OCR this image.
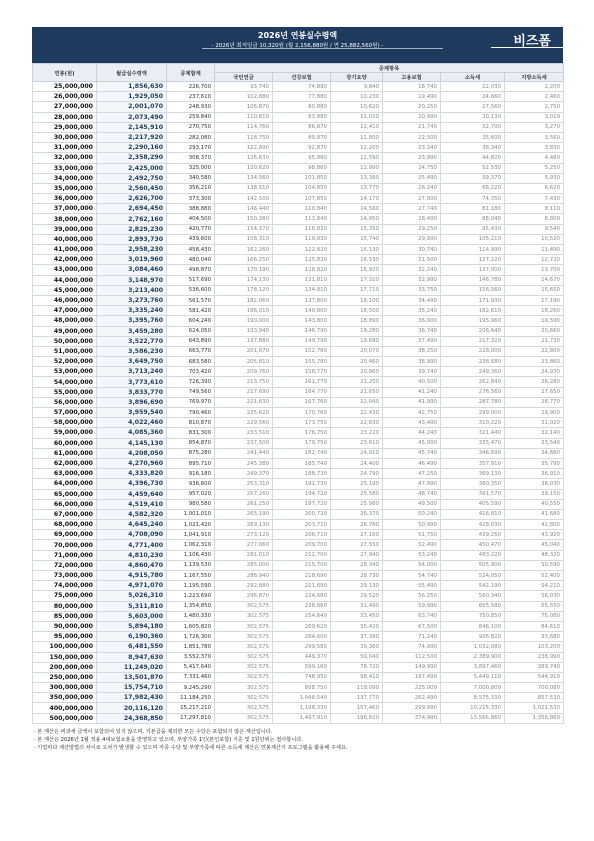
2026년 연봉실수령액
- 2026년 최저임금 10,320원 (월 2,156,880원 / 연 25,882,560원) -	비즈폼
연봉(원)	월급실수령액	공제합계	공제항목					
			국민연금	건강보험	장기요양	고용보험	소득세	지방소득세
25,000,000	1,856,630	226,700	93,740	74,890	9,840	18,740	22,030	2,200
26,000,000	1,929,050	237,610	102,880	77,880	10,230	19,490	24,660	2,460
27,000,000	2,001,070	248,930	106,870	80,880	10,620	20,250	27,560	2,750
28,000,000	2,073,490	259,840	110,810	83,880	11,020	20,990	30,130	3,010
29,000,000	2,145,910	270,750	114,760	86,870	11,410	21,740	32,700	3,270
30,000,000	2,217,920	282,080	118,750	89,870	11,800	22,500	35,600	3,560
31,000,000	2,290,160	293,170	122,690	92,870	12,200	23,240	38,340	3,830
32,000,000	2,358,290	308,370	126,630	95,860	12,590	23,990	44,820	4,480
33,000,000	2,425,000	325,000	130,620	98,860	12,990	24,750	52,530	5,250
34,000,000	2,492,750	340,580	134,560	101,850	13,380	25,490	59,370	5,930
35,000,000	2,560,450	356,210	138,510	104,850	13,770	26,240	66,220	6,620
36,000,000	2,626,700	373,300	142,500	107,850	14,170	27,000	74,350	7,430
37,000,000	2,694,450	388,880	146,440	110,840	14,560	27,740	81,180	8,110
38,000,000	2,762,160	404,500	150,380	113,840	14,950	28,490	88,040	8,800
39,000,000	2,829,230	420,770	154,370	116,830	15,350	29,250	95,430	9,540
40,000,000	2,893,730	439,600	158,310	119,830	15,740	29,990	105,210	10,520
41,000,000	2,958,230	458,430	162,260	122,820	16,130	30,740	114,990	11,490
42,000,000	3,019,960	480,040	166,250	125,820	16,530	31,500	127,220	12,720
43,000,000	3,084,460	498,870	170,190	128,820	16,920	32,240	137,000	13,700
44,000,000	3,148,970	517,690	174,130	131,810	17,310	32,990	146,780	14,670
45,000,000	3,213,400	536,600	178,120	134,810	17,710	33,750	156,560	15,650
46,000,000	3,273,760	561,570	182,060	137,800	18,100	34,490	171,930	17,190
47,000,000	3,335,240	581,420	186,010	140,800	18,500	35,240	182,610	18,260
48,000,000	3,395,760	604,240	190,000	143,800	18,890	36,000	195,960	19,590
49,000,000	3,459,280	624,050	193,940	146,790	19,280	36,740	206,640	20,660
50,000,000	3,522,770	643,890	197,880	149,790	19,680	37,490	217,320	21,730
51,000,000	3,586,230	663,770	201,870	152,780	20,070	38,250	228,000	22,800
52,000,000	3,649,750	683,580	205,810	155,780	20,460	38,990	238,680	23,860
53,000,000	3,713,240	703,420	209,760	158,770	20,860	39,740	249,360	24,930
54,000,000	3,773,610	726,390	213,750	161,770	21,250	40,500	262,840	26,280
55,000,000	3,833,770	749,560	217,690	164,770	21,650	41,240	276,560	27,650
56,000,000	3,896,690	769,970	221,630	167,760	22,040	41,990	287,780	28,770
57,000,000	3,959,540	790,460	225,620	170,760	22,430	42,750	299,000	29,900
58,000,000	4,022,460	810,870	229,560	173,750	22,830	43,490	310,220	31,020
59,000,000	4,085,360	831,300	233,510	176,750	23,220	44,240	321,440	32,140
60,000,000	4,145,130	854,870	237,500	179,750	23,610	45,000	335,470	33,540
61,000,000	4,208,050	875,280	241,440	182,740	24,010	45,740	346,690	34,660
62,000,000	4,270,960	895,710	245,380	185,740	24,400	46,490	357,910	35,790
63,000,000	4,333,820	916,180	249,370	188,730	24,790	47,250	369,130	36,910
64,000,000	4,396,730	936,600	253,310	191,730	25,190	47,990	380,350	38,030
65,000,000	4,459,640	957,020	257,260	194,720	25,580	48,740	391,570	39,150
66,000,000	4,519,410	980,580	261,250	197,720	25,980	49,500	405,590	40,550
67,000,000	4,582,320	1,001,010	265,190	200,720	26,370	50,240	416,810	41,680
68,000,000	4,645,240	1,021,420	269,130	203,710	26,760	50,990	428,030	42,800
69,000,000	4,708,090	1,041,910	273,120	206,710	27,160	51,750	439,250	43,920
70,000,000	4,771,400	1,062,310	277,060	209,700	27,550	52,490	450,470	45,040
71,000,000	4,810,230	1,106,430	281,010	212,700	27,940	53,240	483,220	48,320
72,000,000	4,860,470	1,139,530	285,000	215,700	28,340	54,000	505,900	50,590
73,000,000	4,915,780	1,167,550	288,940	218,690	28,730	54,740	524,050	52,400
74,000,000	4,971,070	1,195,590	292,880	221,690	29,130	55,490	542,190	54,210
75,000,000	5,026,310	1,223,690	296,870	224,680	29,520	56,250	560,340	56,030
80,000,000	5,311,810	1,354,850	302,575	238,660	31,490	59,990	655,580	65,550
85,000,000	5,603,000	1,480,330	302,575	254,640	33,450	63,740	750,850	75,080
90,000,000	5,894,180	1,605,820	302,575	269,620	35,420	67,500	846,100	84,610
95,000,000	6,190,360	1,726,300	302,575	284,600	37,390	71,240	936,820	93,680
100,000,000	6,481,550	1,851,780	302,575	299,580	39,360	74,990	1,032,080	103,200
150,000,000	8,947,630	3,552,370	302,575	449,370	59,040	112,500	2,389,900	238,990
200,000,000	11,249,020	5,417,640	302,575	599,160	78,720	149,990	3,897,460	389,740
250,000,000	13,501,870	7,331,460	302,575	748,950	98,410	187,490	5,449,110	544,910
300,000,000	15,754,710	9,245,290	302,575	898,750	118,090	225,000	7,000,800	700,080
350,000,000	17,982,430	11,184,250	302,575	1,048,540	137,770	262,490	8,575,330	857,530
400,000,000	20,116,120	15,217,210	302,575	1,198,330	157,460	299,990	10,215,330	1,021,530
500,000,000	24,368,850	17,297,810	302,575	1,497,910	196,820	374,990	13,566,860	1,356,860
· 본 계산은 비과세 금액이 포함되어 있지 않으며, 기본급을 제외한 모든 수당은 포함되지 않은 계산입니다.
· 본 계산은 2026년 1월 적용 4대보험요율을 반영하고 있으며, 부양가족 1인(본인포함) 기준 및 1원단위는 절사합니다.
· 기업마다 계산방법의 차이로 오차가 발생할 수 있으며 각종 수당 및 부양가족에 따른 소득세 계산은 연봉계산기 프로그램을 활용해 주세요.
